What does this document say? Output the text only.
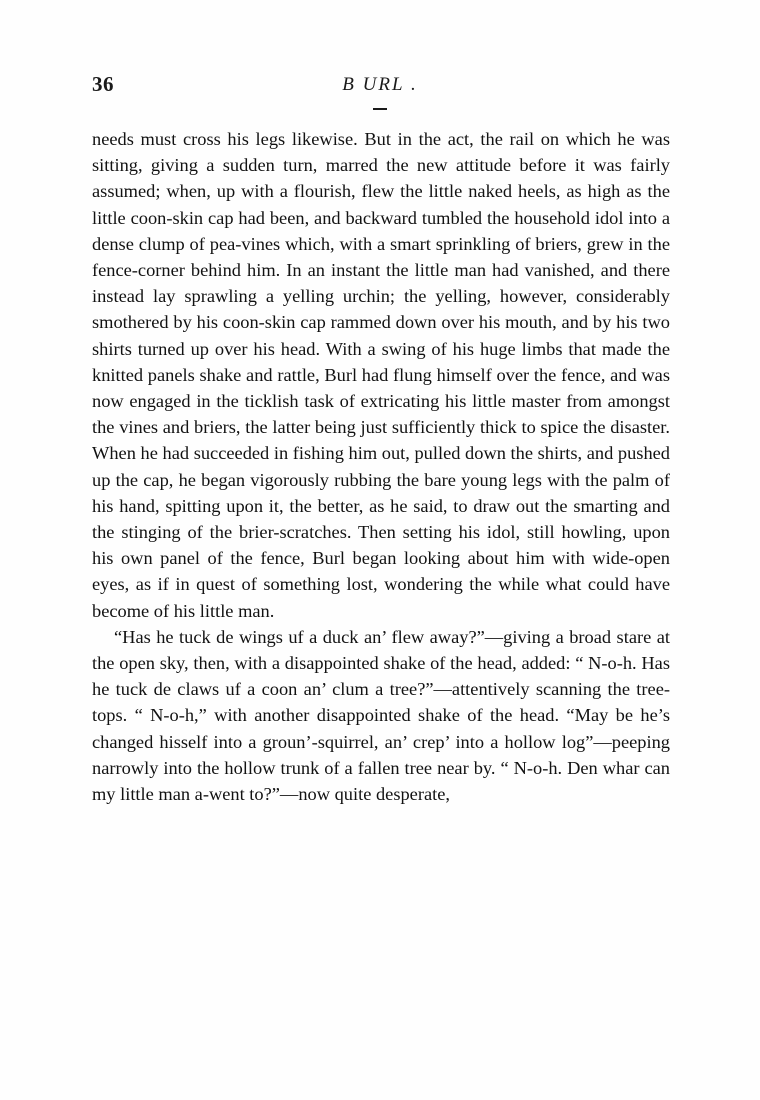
36	B URL .

needs must cross his legs likewise. But in the act, the rail on which he was sitting, giving a sudden turn, marred the new attitude before it was fairly assumed; when, up with a flourish, flew the little naked heels, as high as the little coon-skin cap had been, and backward tumbled the household idol into a dense clump of pea-vines which, with a smart sprinkling of briers, grew in the fence-corner behind him. In an instant the little man had vanished, and there instead lay sprawling a yelling urchin; the yelling, however, considerably smothered by his coon-skin cap rammed down over his mouth, and by his two shirts turned up over his head. With a swing of his huge limbs that made the knitted panels shake and rattle, Burl had flung himself over the fence, and was now engaged in the ticklish task of extricating his little master from amongst the vines and briers, the latter being just sufficiently thick to spice the disaster. When he had succeeded in fishing him out, pulled down the shirts, and pushed up the cap, he began vigorously rubbing the bare young legs with the palm of his hand, spitting upon it, the better, as he said, to draw out the smarting and the stinging of the brier-scratches. Then setting his idol, still howling, upon his own panel of the fence, Burl began looking about him with wide-open eyes, as if in quest of something lost, wondering the while what could have become of his little man.

“Has he tuck de wings uf a duck an’ flew away?”—giving a broad stare at the open sky, then, with a disappointed shake of the head, added: “ N-o-h. Has he tuck de claws uf a coon an’ clum a tree?”—attentively scanning the tree-tops. “ N-o-h,” with another disappointed shake of the head. “May be he’s changed hisself into a groun’-squirrel, an’ crep’ into a hollow log”—peeping narrowly into the hollow trunk of a fallen tree near by. “ N-o-h. Den whar can my little man a-went to?”—now quite desperate,
